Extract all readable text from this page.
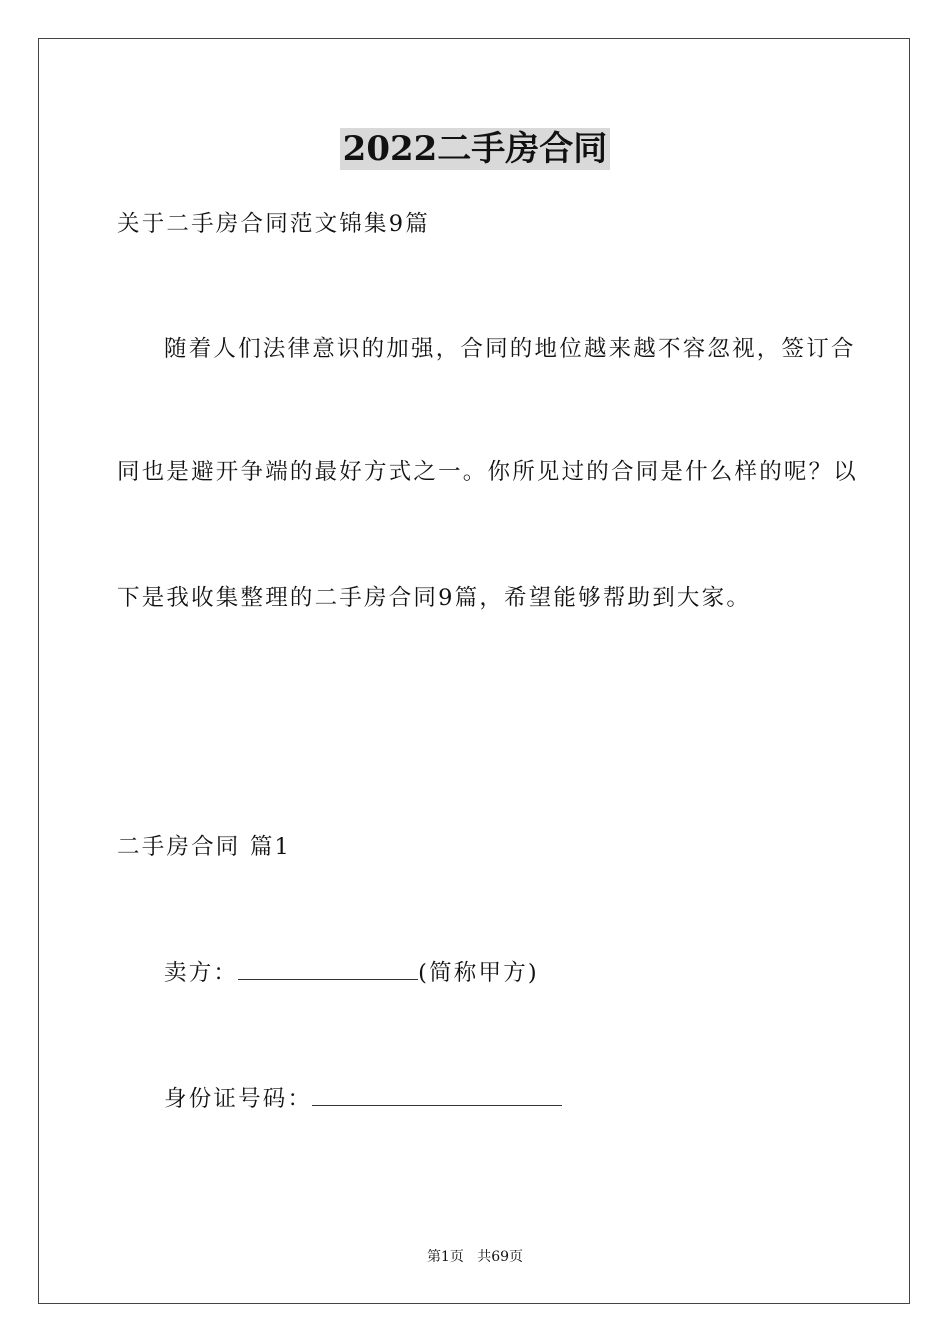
2022二手房合同
关于二手房合同范文锦集9篇
随着人们法律意识的加强，合同的地位越来越不容忽视，签订合
同也是避开争端的最好方式之一。你所见过的合同是什么样的呢？以
下是我收集整理的二手房合同9篇，希望能够帮助到大家。
二手房合同 篇1
卖方：	(简称甲方)
身份证号码：
第1页 共69页
